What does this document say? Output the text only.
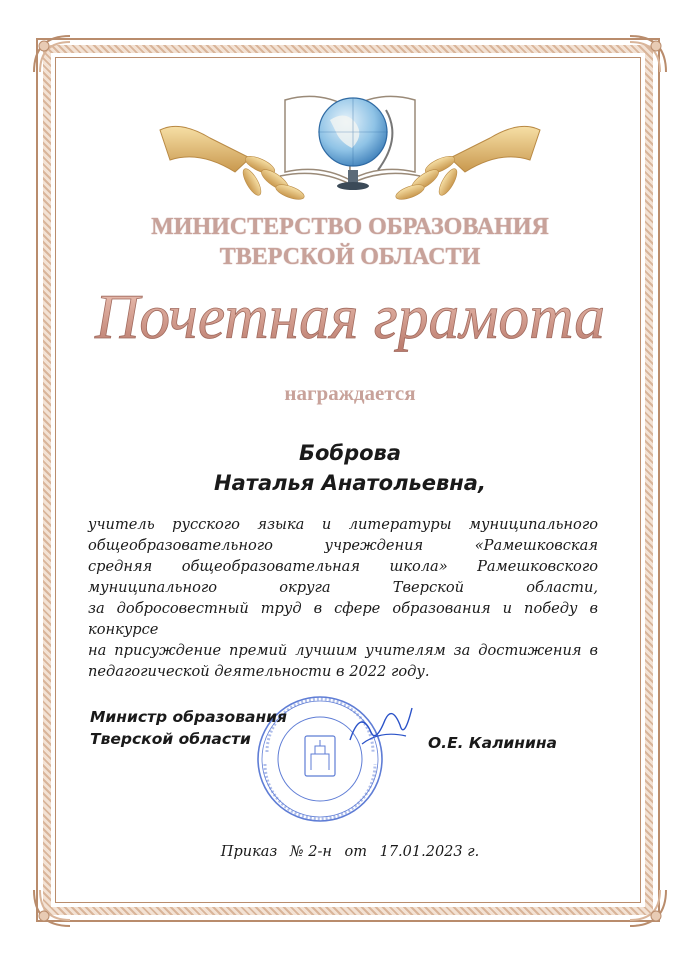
МИНИСТЕРСТВО ОБРАЗОВАНИЯ
ТВЕРСКОЙ ОБЛАСТИ
Почетная грамота
награждается
Боброва
Наталья Анатольевна,

учитель русского языка и литературы муниципального

общеобразовательного учреждения «Рамешковская

средняя общеобразовательная школа» Рамешковского

муниципального округа Тверской области,

за добросовестный труд в сфере образования и победу в конкурсе

на присуждение премий лучшим учителям за достижения в

педагогической деятельности в 2022 году.

Министр образования
Тверской области	О.Е. Калинина
Приказ № 2-н от 17.01.2023 г.
